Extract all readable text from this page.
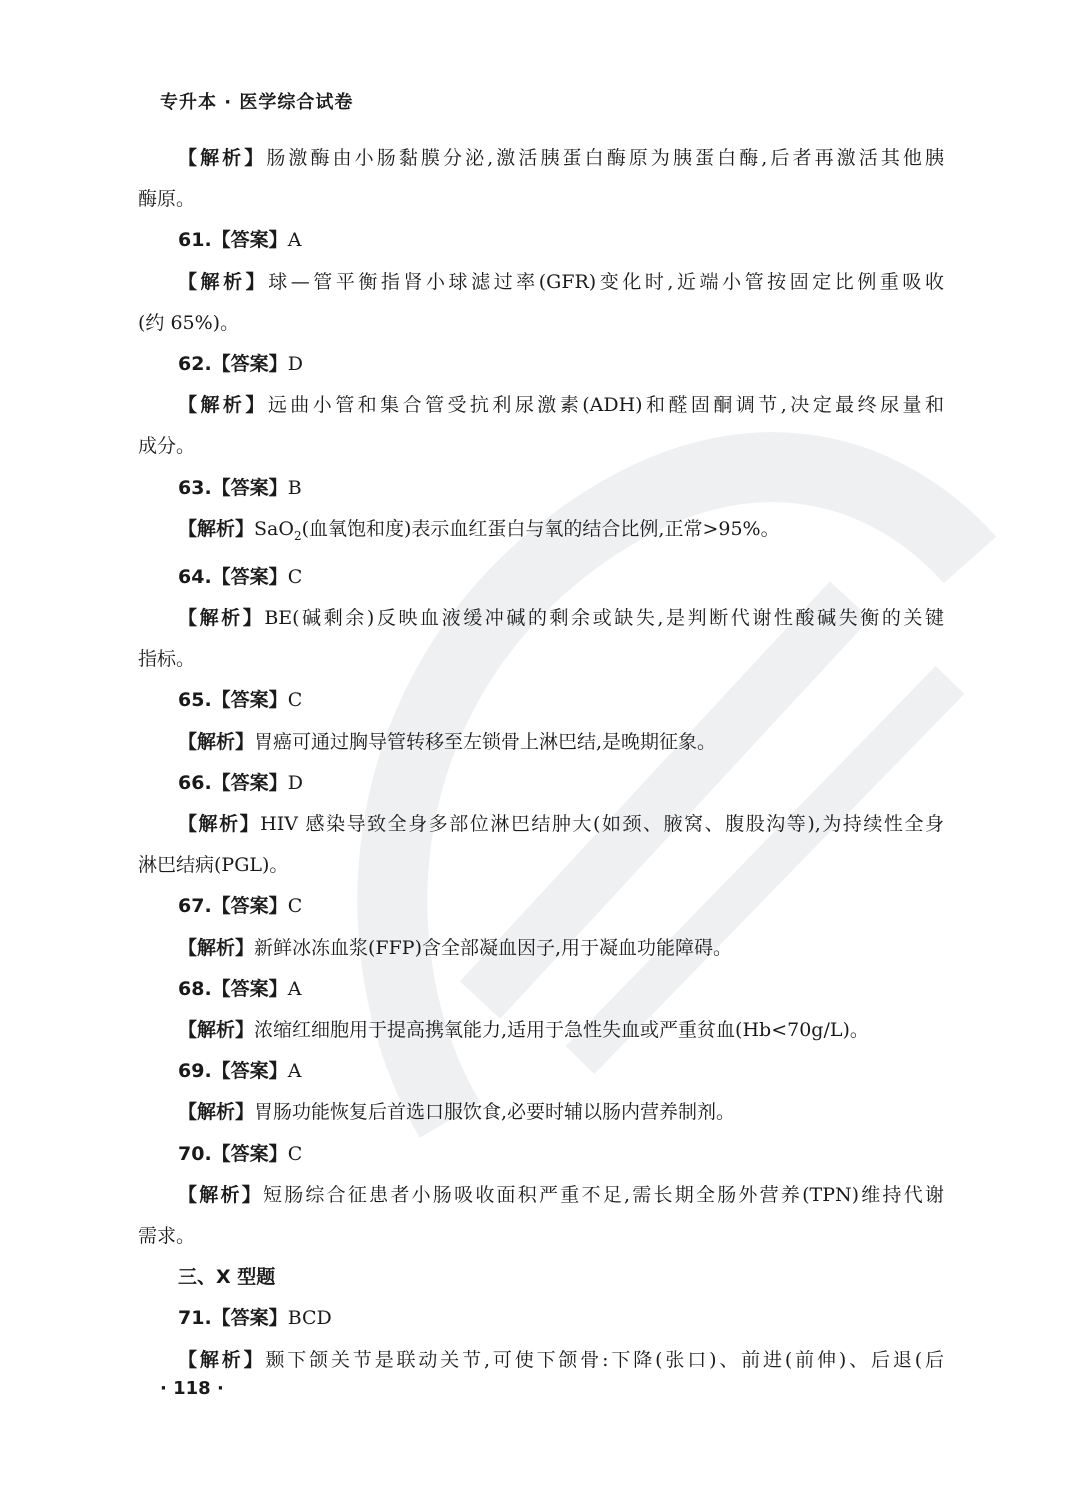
专升本 · 医学综合试卷
【解析】肠激酶由小肠黏膜分泌,激活胰蛋白酶原为胰蛋白酶,后者再激活其他胰
酶原。
61.【答案】A
【解析】球—管平衡指肾小球滤过率(GFR)变化时,近端小管按固定比例重吸收
(约 65%)。
62.【答案】D
【解析】远曲小管和集合管受抗利尿激素(ADH)和醛固酮调节,决定最终尿量和
成分。
63.【答案】B
【解析】SaO$_2$(血氧饱和度)表示血红蛋白与氧的结合比例,正常>95%。
64.【答案】C
【解析】BE(碱剩余)反映血液缓冲碱的剩余或缺失,是判断代谢性酸碱失衡的关键
指标。
65.【答案】C
【解析】胃癌可通过胸导管转移至左锁骨上淋巴结,是晚期征象。
66.【答案】D
【解析】HIV 感染导致全身多部位淋巴结肿大(如颈、腋窝、腹股沟等),为持续性全身
淋巴结病(PGL)。
67.【答案】C
【解析】新鲜冰冻血浆(FFP)含全部凝血因子,用于凝血功能障碍。
68.【答案】A
【解析】浓缩红细胞用于提高携氧能力,适用于急性失血或严重贫血(Hb<70g/L)。
69.【答案】A
【解析】胃肠功能恢复后首选口服饮食,必要时辅以肠内营养制剂。
70.【答案】C
【解析】短肠综合征患者小肠吸收面积严重不足,需长期全肠外营养(TPN)维持代谢
需求。
三、X 型题
71.【答案】BCD
【解析】颞下颌关节是联动关节,可使下颌骨:下降(张口)、前进(前伸)、后退(后
· 118 ·
